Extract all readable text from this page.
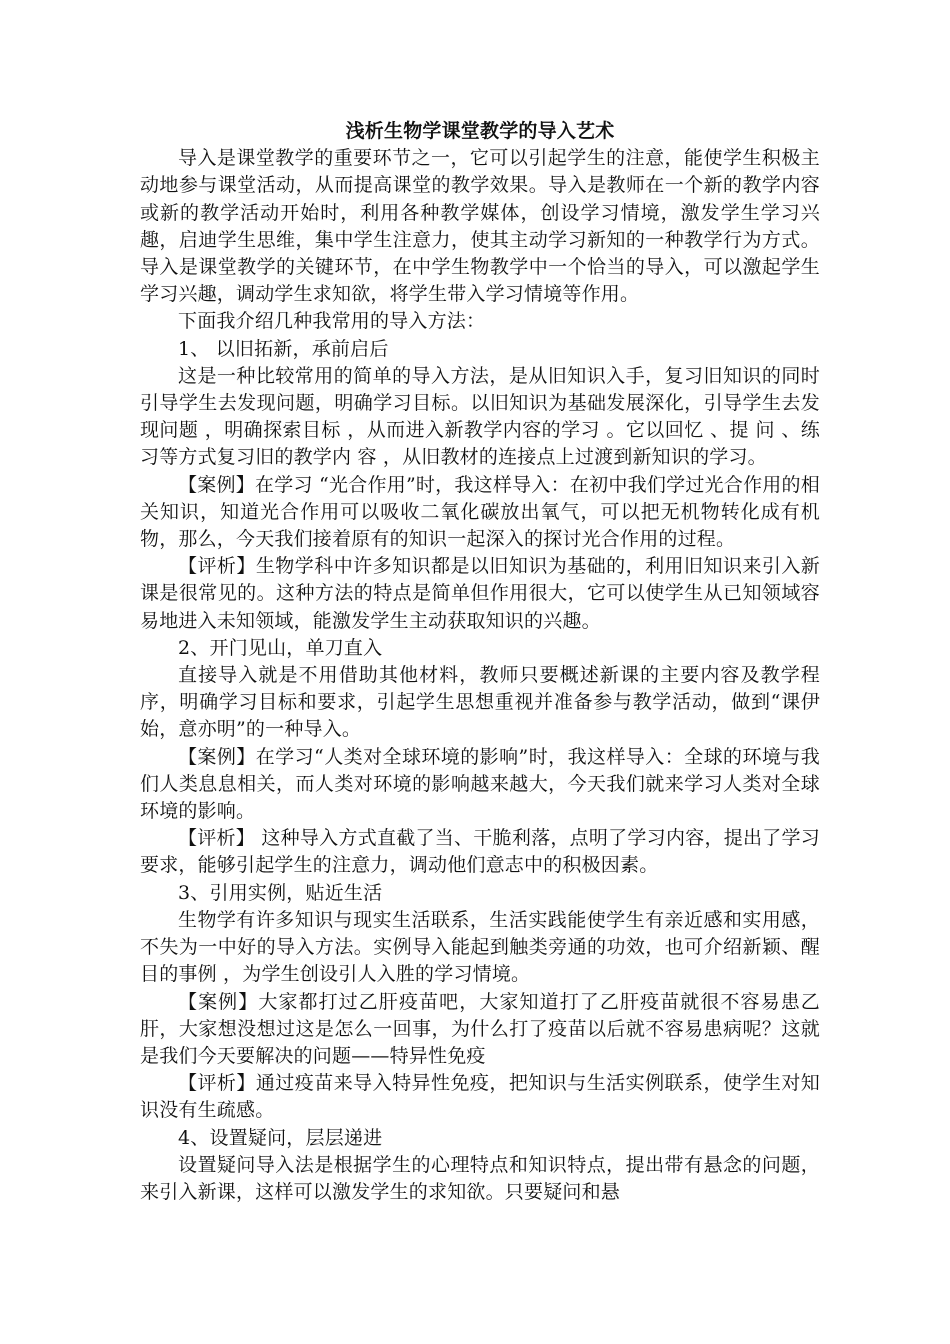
浅析生物学课堂教学的导入艺术

导入是课堂教学的重要环节之一，它可以引起学生的注意，能使学生积极主动地参与课堂活动，从而提高课堂的教学效果。导入是教师在一个新的教学内容或新的教学活动开始时，利用各种教学媒体，创设学习情境，激发学生学习兴趣，启迪学生思维，集中学生注意力，使其主动学习新知的一种教学行为方式。导入是课堂教学的关键环节，在中学生物教学中一个恰当的导入，可以激起学生学习兴趣，调动学生求知欲，将学生带入学习情境等作用。

下面我介绍几种我常用的导入方法：

1、 以旧拓新，承前启后

这是一种比较常用的简单的导入方法，是从旧知识入手，复习旧知识的同时引导学生去发现问题，明确学习目标。以旧知识为基础发展深化，引导学生去发现问题 ，明确探索目标 ，从而进入新教学内容的学习 。它以回忆 、提 问 、练习等方式复习旧的教学内 容 ，从旧教材的连接点上过渡到新知识的学习。

【案例】在学习 “光合作用”时，我这样导入：在初中我们学过光合作用的相关知识，知道光合作用可以吸收二氧化碳放出氧气，可以把无机物转化成有机物，那么，今天我们接着原有的知识一起深入的探讨光合作用的过程。

【评析】生物学科中许多知识都是以旧知识为基础的，利用旧知识来引入新课是很常见的。这种方法的特点是简单但作用很大，它可以使学生从已知领域容易地进入未知领域，能激发学生主动获取知识的兴趣。

2、开门见山，单刀直入

直接导入就是不用借助其他材料，教师只要概述新课的主要内容及教学程序，明确学习目标和要求，引起学生思想重视并准备参与教学活动，做到“课伊始，意亦明”的一种导入。

【案例】在学习“人类对全球环境的影响”时，我这样导入：全球的环境与我们人类息息相关，而人类对环境的影响越来越大，今天我们就来学习人类对全球环境的影响。

【评析】 这种导入方式直截了当、干脆利落，点明了学习内容，提出了学习要求，能够引起学生的注意力，调动他们意志中的积极因素。

3、引用实例，贴近生活

生物学有许多知识与现实生活联系，生活实践能使学生有亲近感和实用感，不失为一中好的导入方法。实例导入能起到触类旁通的功效，也可介绍新颖、醒目的事例 ，为学生创设引人入胜的学习情境。

【案例】大家都打过乙肝疫苗吧，大家知道打了乙肝疫苗就很不容易患乙肝，大家想没想过这是怎么一回事，为什么打了疫苗以后就不容易患病呢？这就是我们今天要解决的问题——特异性免疫

【评析】通过疫苗来导入特异性免疫，把知识与生活实例联系，使学生对知识没有生疏感。

4、设置疑问，层层递进

设置疑问导入法是根据学生的心理特点和知识特点，提出带有悬念的问题，来引入新课，这样可以激发学生的求知欲。只要疑问和悬
